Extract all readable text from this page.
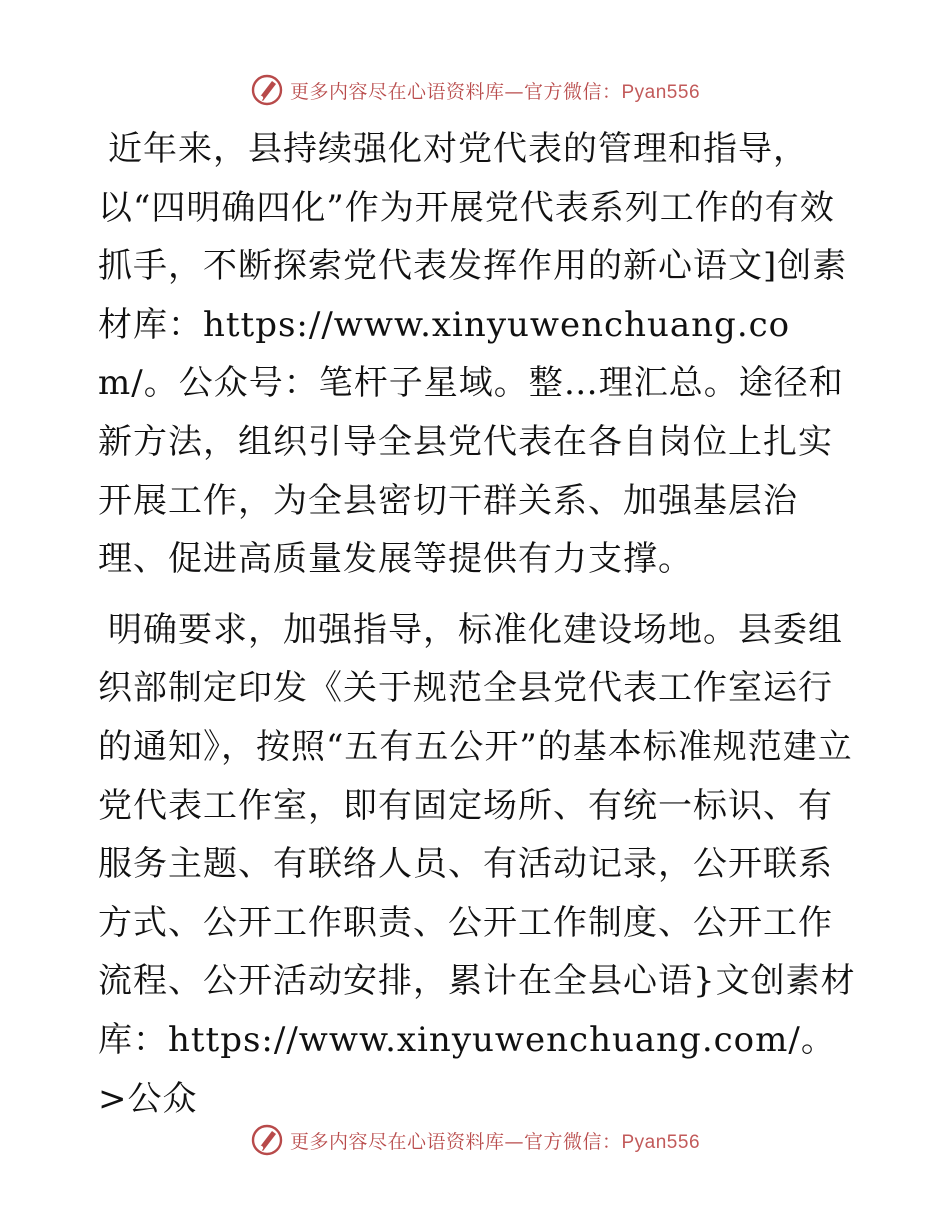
更多内容尽在心语资料库—官方微信：Pyan556

近年来，县持续强化对党代表的管理和指导，以“四明确四化”作为开展党代表系列工作的有效抓手，不断探索党代表发挥作用的新心语文]创素材库：https://www.xinyuwenchuang.com/。公众号：笔杆子星域。整…理汇总。途径和新方法，组织引导全县党代表在各自岗位上扎实开展工作，为全县密切干群关系、加强基层治理、促进高质量发展等提供有力支撑。

明确要求，加强指导，标准化建设场地。县委组织部制定印发《关于规范全县党代表工作室运行的通知》，按照“五有五公开”的基本标准规范建立党代表工作室，即有固定场所、有统一标识、有服务主题、有联络人员、有活动记录，公开联系方式、公开工作职责、公开工作制度、公开工作流程、公开活动安排，累计在全县心语}文创素材库：https://www.xinyuwenchuang.com/。>公众

更多内容尽在心语资料库—官方微信：Pyan556
